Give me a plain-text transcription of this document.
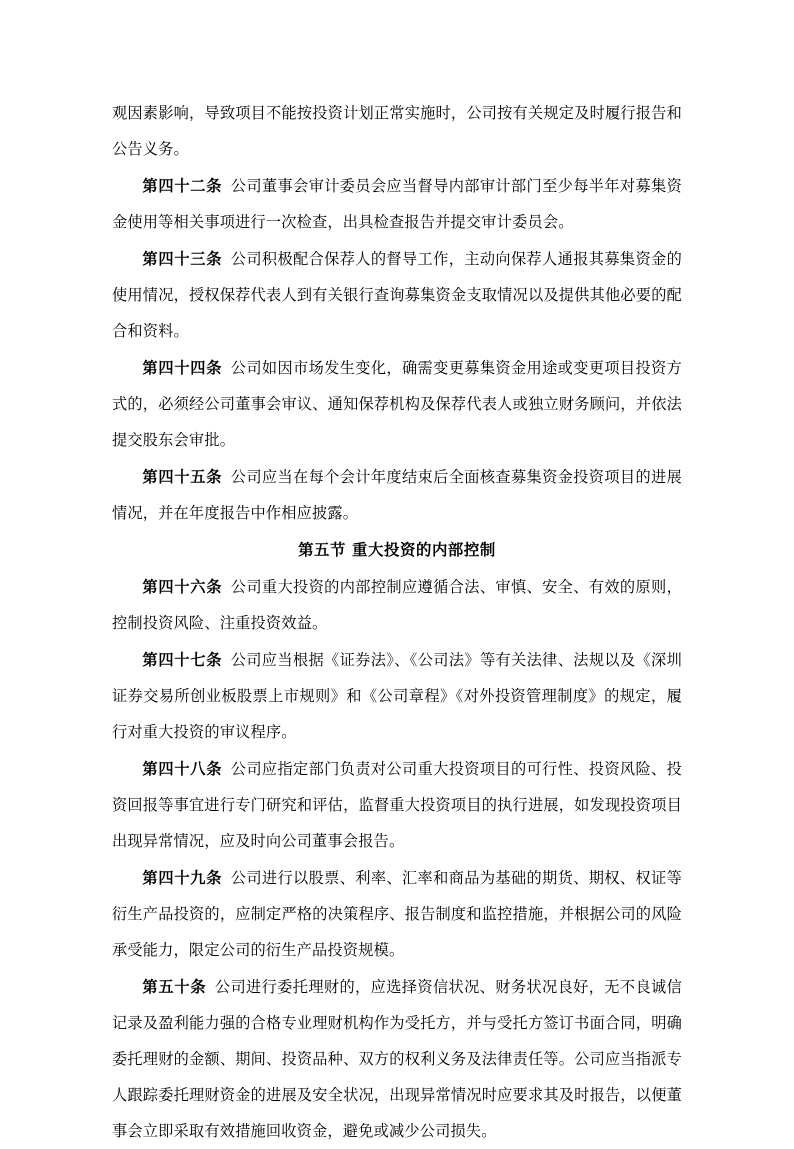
观因素影响，导致项目不能按投资计划正常实施时，公司按有关规定及时履行报告和公告义务。

第四十二条 公司董事会审计委员会应当督导内部审计部门至少每半年对募集资金使用等相关事项进行一次检查，出具检查报告并提交审计委员会。

第四十三条 公司积极配合保荐人的督导工作，主动向保荐人通报其募集资金的使用情况，授权保荐代表人到有关银行查询募集资金支取情况以及提供其他必要的配合和资料。

第四十四条 公司如因市场发生变化，确需变更募集资金用途或变更项目投资方式的，必须经公司董事会审议、通知保荐机构及保荐代表人或独立财务顾问，并依法提交股东会审批。

第四十五条 公司应当在每个会计年度结束后全面核查募集资金投资项目的进展情况，并在年度报告中作相应披露。

第五节 重大投资的内部控制

第四十六条 公司重大投资的内部控制应遵循合法、审慎、安全、有效的原则，控制投资风险、注重投资效益。

第四十七条 公司应当根据《证券法》、《公司法》等有关法律、法规以及《深圳证券交易所创业板股票上市规则》和《公司章程》《对外投资管理制度》的规定，履行对重大投资的审议程序。

第四十八条 公司应指定部门负责对公司重大投资项目的可行性、投资风险、投资回报等事宜进行专门研究和评估，监督重大投资项目的执行进展，如发现投资项目出现异常情况，应及时向公司董事会报告。

第四十九条 公司进行以股票、利率、汇率和商品为基础的期货、期权、权证等衍生产品投资的，应制定严格的决策程序、报告制度和监控措施，并根据公司的风险承受能力，限定公司的衍生产品投资规模。

第五十条 公司进行委托理财的，应选择资信状况、财务状况良好，无不良诚信记录及盈利能力强的合格专业理财机构作为受托方，并与受托方签订书面合同，明确委托理财的金额、期间、投资品种、双方的权利义务及法律责任等。公司应当指派专人跟踪委托理财资金的进展及安全状况，出现异常情况时应要求其及时报告，以便董事会立即采取有效措施回收资金，避免或减少公司损失。
